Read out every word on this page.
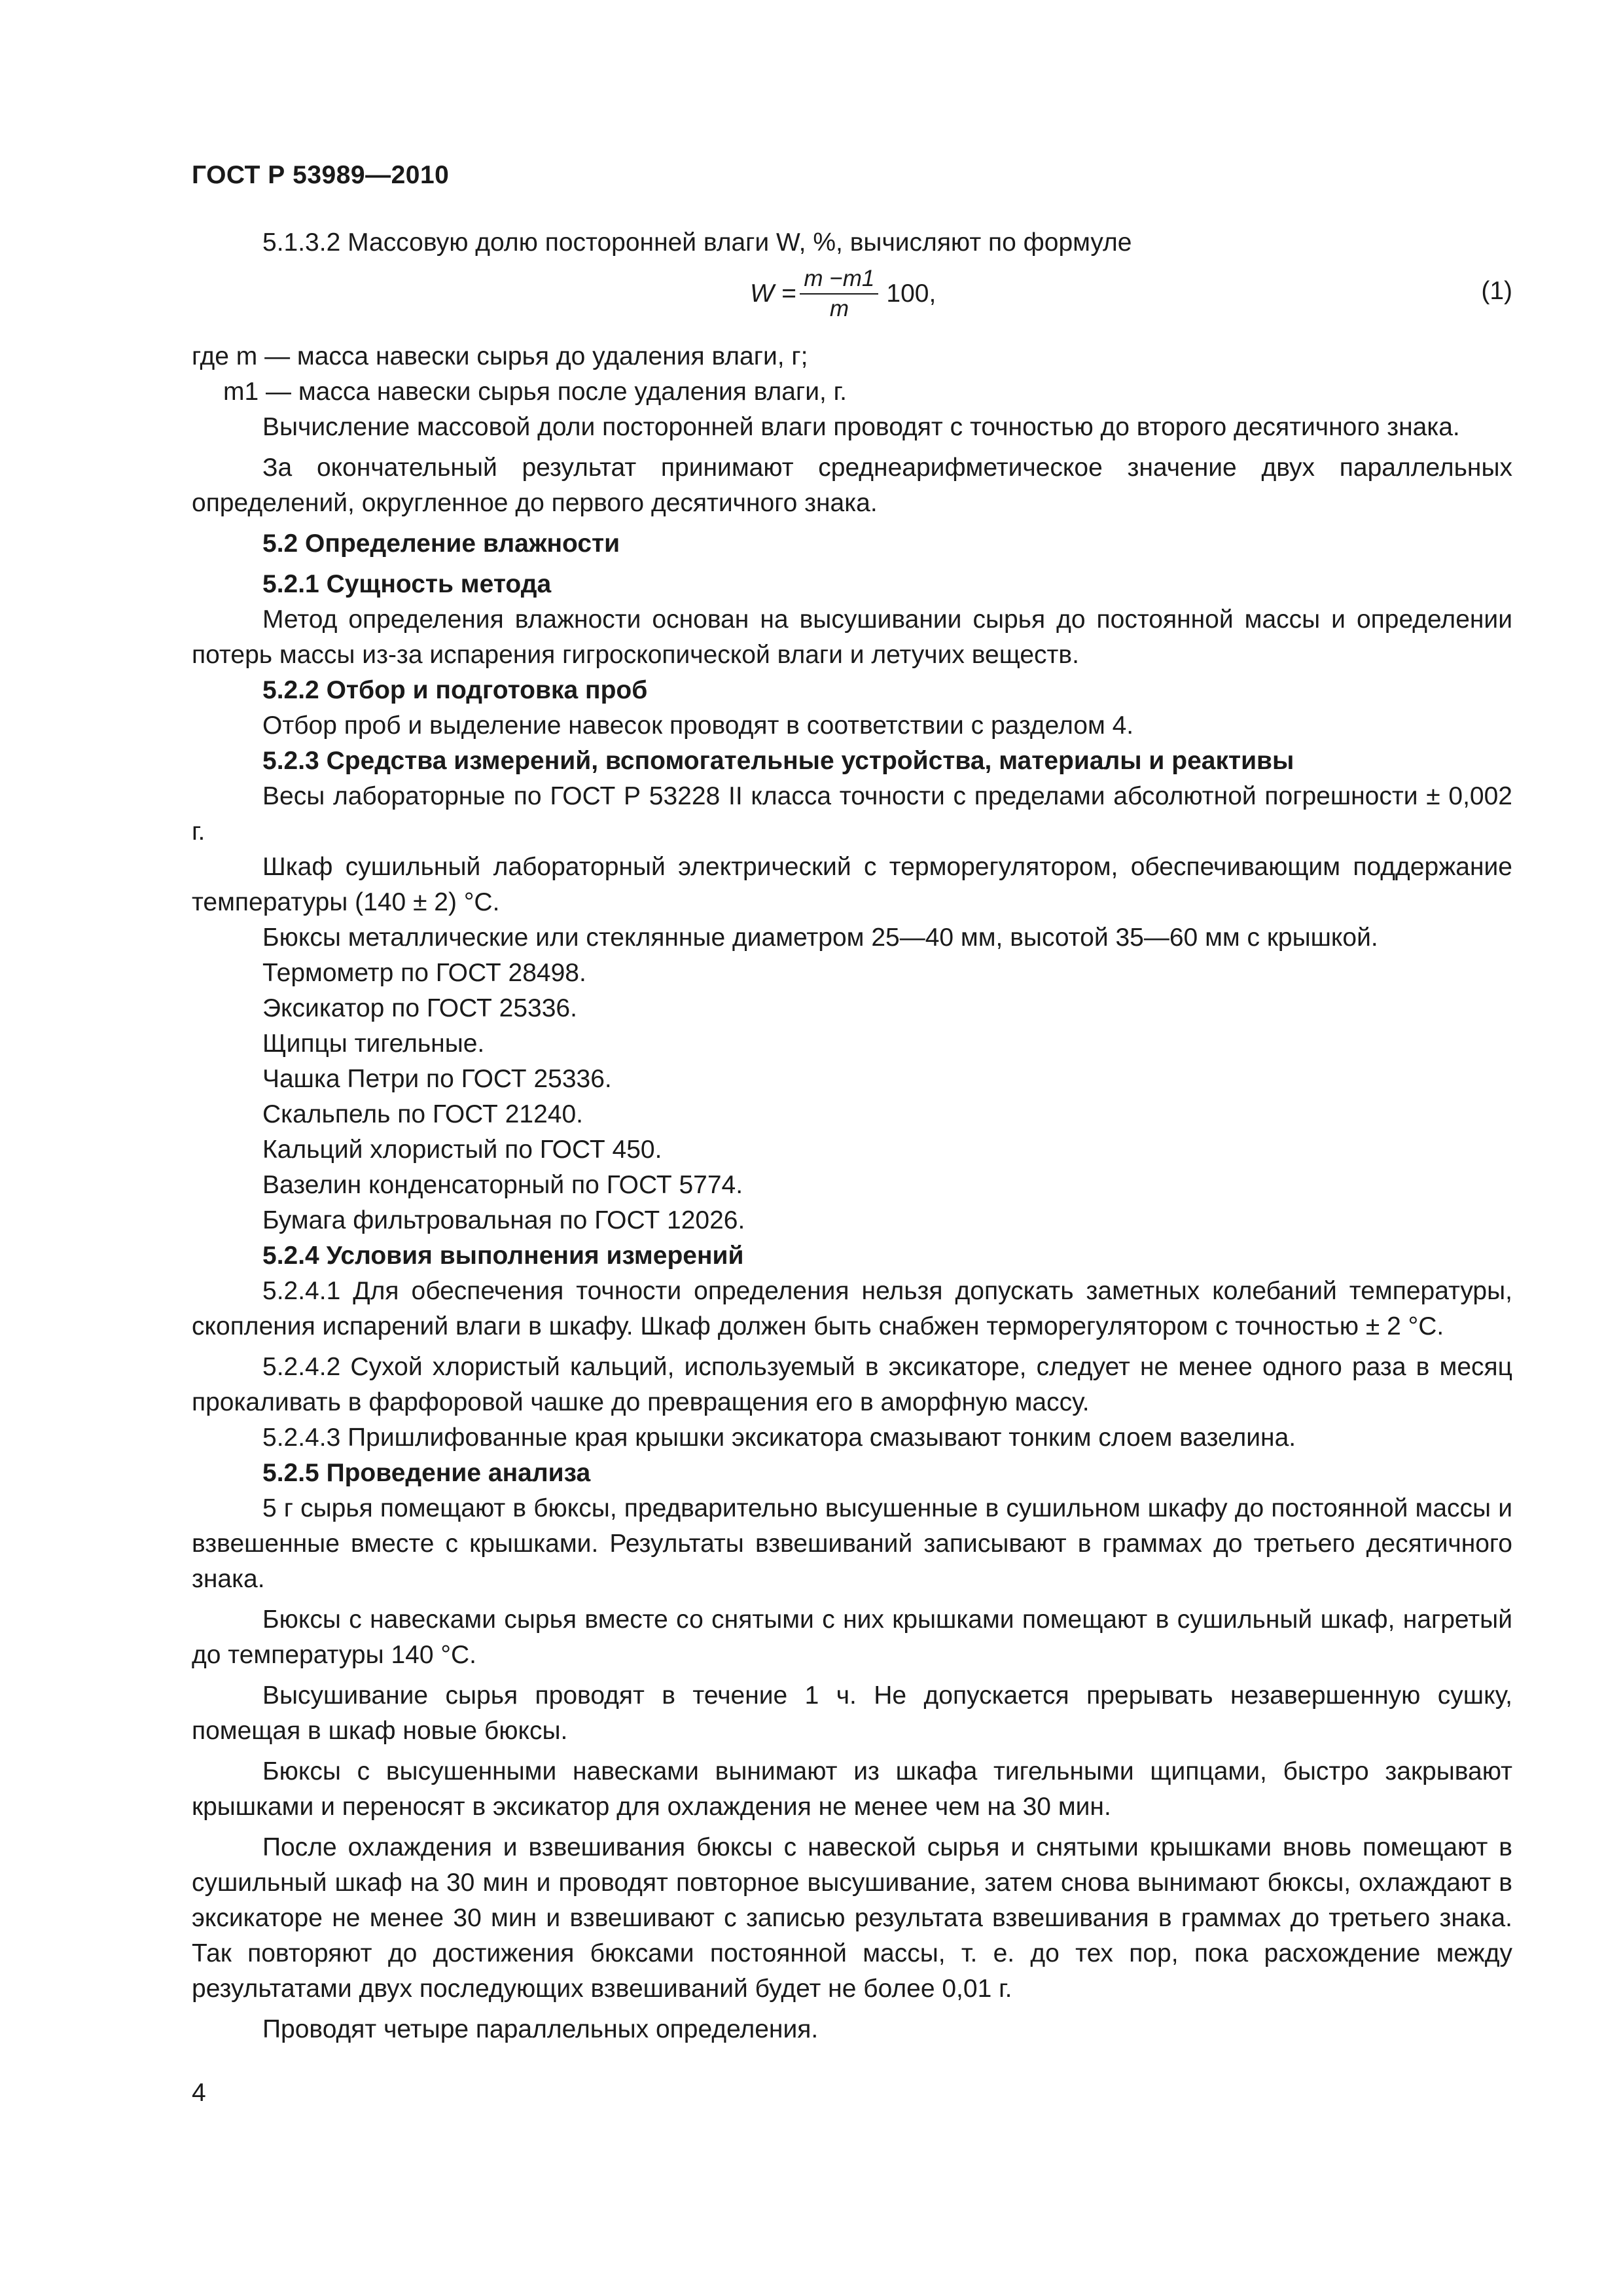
ГОСТ Р 53989—2010

5.1.3.2 Массовую долю посторонней влаги W, %, вычисляют по формуле

$W = \frac{m -m1}{m} 100$,	(1)

где m — масса навески сырья до удаления влаги, г;

m1 — масса навески сырья после удаления влаги, г.

Вычисление массовой доли посторонней влаги проводят с точностью до второго десятичного знака.

За окончательный результат принимают среднеарифметическое значение двух параллельных определений, округленное до первого десятичного знака.

5.2 Определение влажности

5.2.1 Сущность метода

Метод определения влажности основан на высушивании сырья до постоянной массы и определении потерь массы из-за испарения гигроскопической влаги и летучих веществ.

5.2.2 Отбор и подготовка проб

Отбор проб и выделение навесок проводят в соответствии с разделом 4.

5.2.3 Средства измерений, вспомогательные устройства, материалы и реактивы

Весы лабораторные по ГОСТ Р 53228 II класса точности с пределами абсолютной погрешности ± 0,002 г.

Шкаф сушильный лабораторный электрический с терморегулятором, обеспечивающим поддержание температуры (140 ± 2) °С.

Бюксы металлические или стеклянные диаметром 25—40 мм, высотой 35—60 мм с крышкой.

Термометр по ГОСТ 28498.

Эксикатор по ГОСТ 25336.

Щипцы тигельные.

Чашка Петри по ГОСТ 25336.

Скальпель по ГОСТ 21240.

Кальций хлористый по ГОСТ 450.

Вазелин конденсаторный по ГОСТ 5774.

Бумага фильтровальная по ГОСТ 12026.

5.2.4 Условия выполнения измерений

5.2.4.1 Для обеспечения точности определения нельзя допускать заметных колебаний температуры, скопления испарений влаги в шкафу. Шкаф должен быть снабжен терморегулятором с точностью ± 2 °С.

5.2.4.2 Сухой хлористый кальций, используемый в эксикаторе, следует не менее одного раза в месяц прокаливать в фарфоровой чашке до превращения его в аморфную массу.

5.2.4.3 Пришлифованные края крышки эксикатора смазывают тонким слоем вазелина.

5.2.5 Проведение анализа

5 г сырья помещают в бюксы, предварительно высушенные в сушильном шкафу до постоянной массы и взвешенные вместе с крышками. Результаты взвешиваний записывают в граммах до третьего десятичного знака.

Бюксы с навесками сырья вместе со снятыми с них крышками помещают в сушильный шкаф, нагретый до температуры 140 °С.

Высушивание сырья проводят в течение 1 ч. Не допускается прерывать незавершенную сушку, помещая в шкаф новые бюксы.

Бюксы с высушенными навесками вынимают из шкафа тигельными щипцами, быстро закрывают крышками и переносят в эксикатор для охлаждения не менее чем на 30 мин.

После охлаждения и взвешивания бюксы с навеской сырья и снятыми крышками вновь помещают в сушильный шкаф на 30 мин и проводят повторное высушивание, затем снова вынимают бюксы, охлаждают в эксикаторе не менее 30 мин и взвешивают с записью результата взвешивания в граммах до третьего знака. Так повторяют до достижения бюксами постоянной массы, т. е. до тех пор, пока расхождение между результатами двух последующих взвешиваний будет не более 0,01 г.

Проводят четыре параллельных определения.

4
